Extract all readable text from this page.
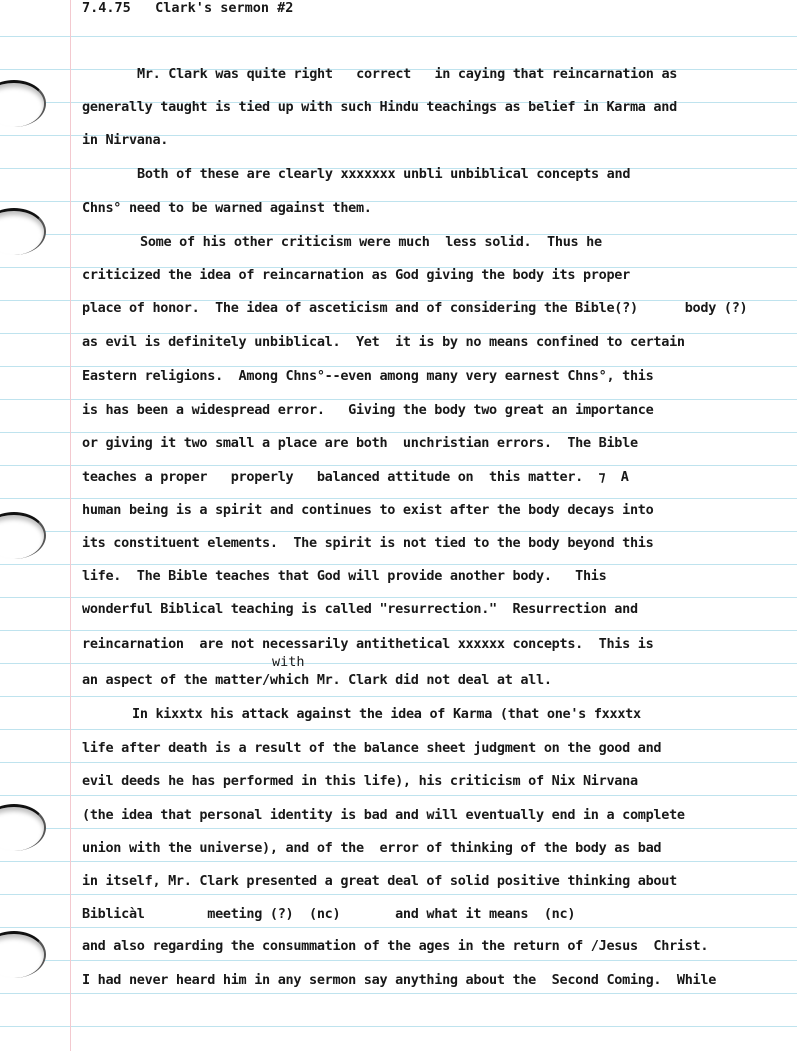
7.4.75 Clark's sermon #2
Mr. Clark was quite right   correct   in caying that reincarnation as
generally taught is tied up with such Hindu teachings as belief in Karma and
in Nirvana.
Both of these are clearly xxxxxxx unbli unbiblical concepts and
Chns° need to be warned against them.
Some of his other criticism were much  less solid.  Thus he
criticized the idea of reincarnation as God giving the body its proper
place of honor.  The idea of asceticism and of considering the Bible(?)      body (?)
as evil is definitely unbiblical.  Yet  it is by no means confined to certain
Eastern religions.  Among Chns°--even among many very earnest Chns°, this
is has been a widespread error.   Giving the body two great an importance
or giving it two small a place are both  unchristian errors.  The Bible
teaches a proper   properly   balanced attitude on  this matter.  ⁊  A
human being is a spirit and continues to exist after the body decays into
its constituent elements.  The spirit is not tied to the body beyond this
life.  The Bible teaches that God will provide another body.   This
wonderful Biblical teaching is called "resurrection."  Resurrection and
reincarnation  are not necessarily antithetical xxxxxx concepts.  This is
with
an aspect of the matter/which Mr. Clark did not deal at all.
In kixxtx his attack against the idea of Karma (that one's fxxxtx
life after death is a result of the balance sheet judgment on the good and
evil deeds he has performed in this life), his criticism of Nix Nirvana
(the idea that personal identity is bad and will eventually end in a complete
union with the universe), and of the  error of thinking of the body as bad
in itself, Mr. Clark presented a great deal of solid positive thinking about
Biblicàl        meeting (?)  (nc)       and what it means  (nc)
and also regarding the consummation of the ages in the return of /Jesus  Christ.
I had never heard him in any sermon say anything about the  Second Coming.  While
